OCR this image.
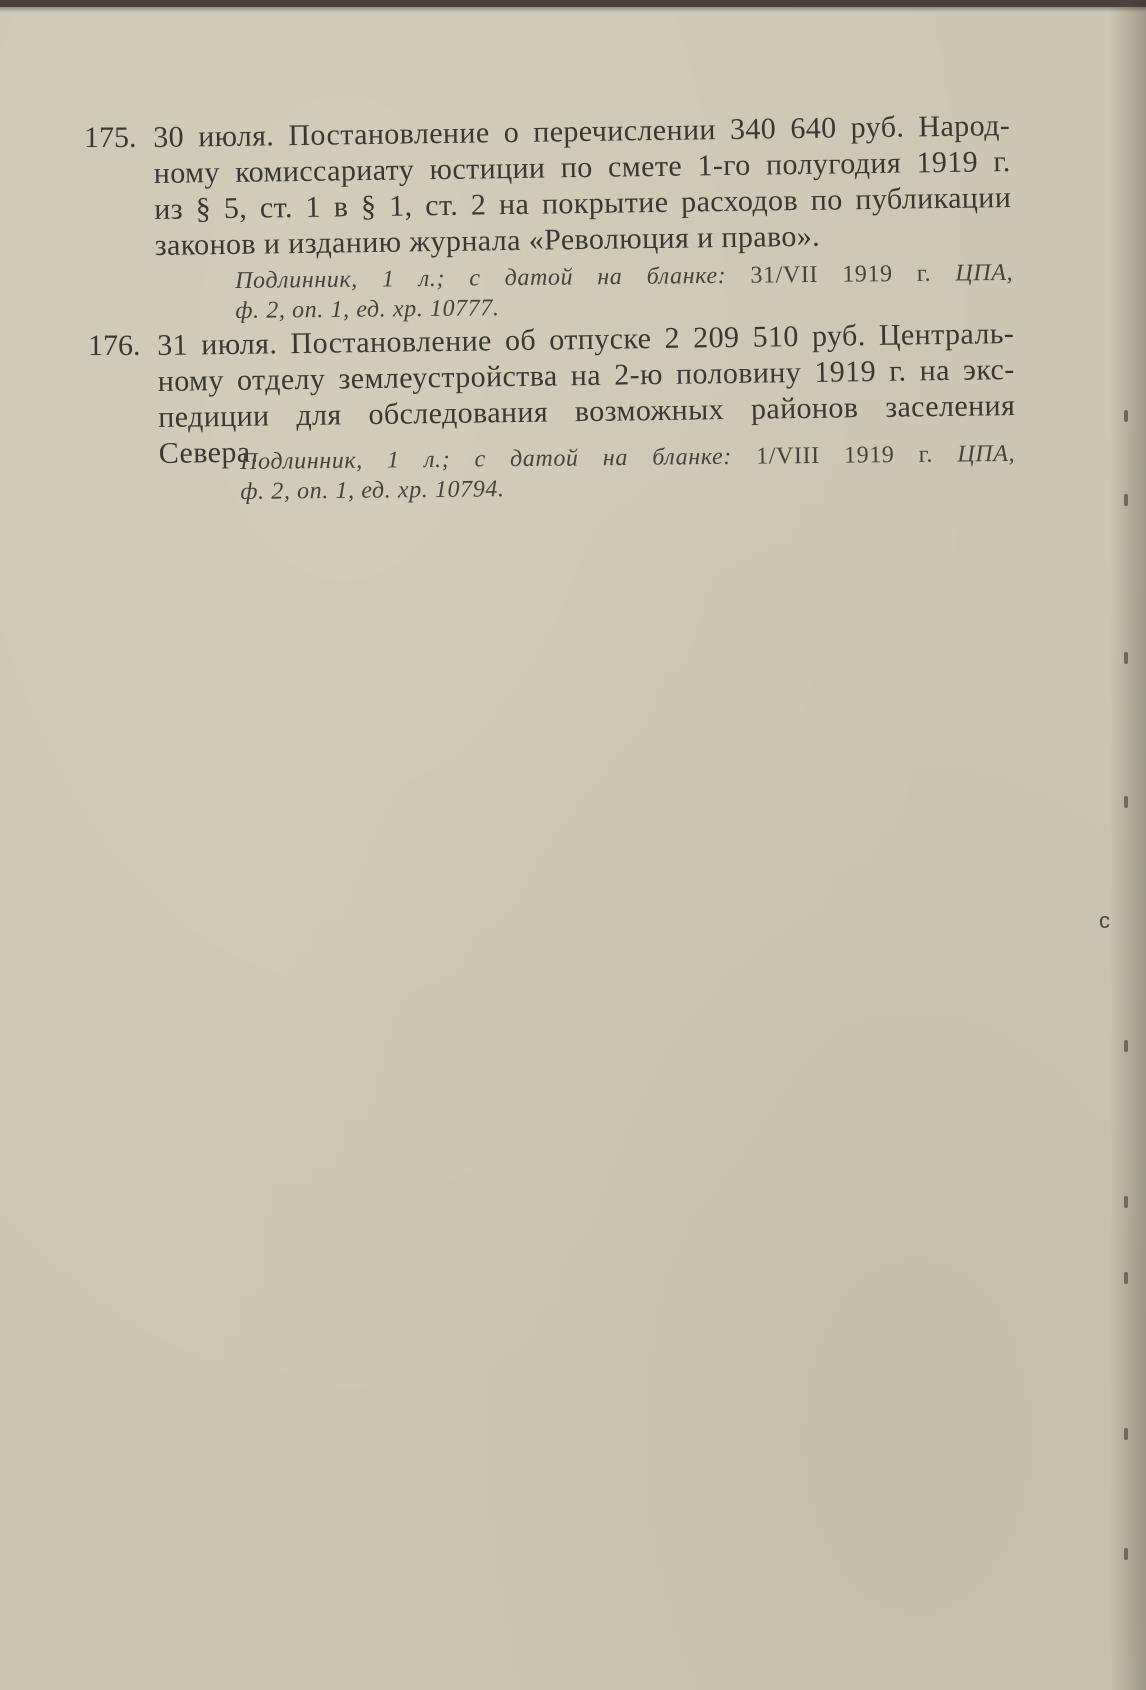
с
175. 30 июля. Постановление о перечислении 340 640 руб. Народ-
ному комиссариату юстиции по смете 1-го полугодия 1919 г.
из § 5, ст. 1 в § 1, ст. 2 на покрытие расходов по публикации
законов и изданию журнала «Революция и право».
Подлинник, 1 л.; с датой на бланке: 31/VII 1919 г. ЦПА,
ф. 2, оп. 1, ед. хр. 10777.
176. 31 июля. Постановление об отпуске 2 209 510 руб. Централь-
ному отделу землеустройства на 2-ю половину 1919 г. на экс-
педиции для обследования возможных районов заселения
Севера.
Подлинник, 1 л.; с датой на бланке: 1/VIII 1919 г. ЦПА,
ф. 2, оп. 1, ед. хр. 10794.
